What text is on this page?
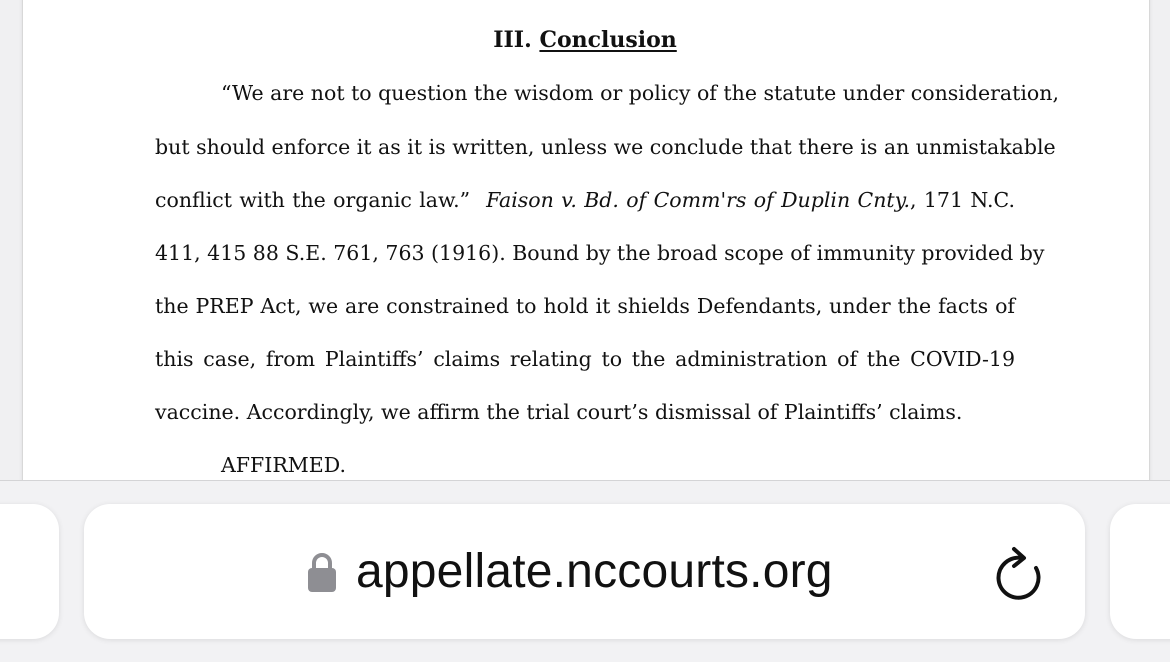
III. Conclusion
“We are not to question the wisdom or policy of the statute under consideration,
but should enforce it as it is written, unless we conclude that there is an unmistakable
conflict with the organic law.” Faison v. Bd. of Comm'rs of Duplin Cnty., 171 N.C.
411, 415 88 S.E. 761, 763 (1916). Bound by the broad scope of immunity provided by
the PREP Act, we are constrained to hold it shields Defendants, under the facts of
this case, from Plaintiffs’ claims relating to the administration of the COVID-19
vaccine. Accordingly, we affirm the trial court’s dismissal of Plaintiffs’ claims.
AFFIRMED.
appellate.nccourts.org
